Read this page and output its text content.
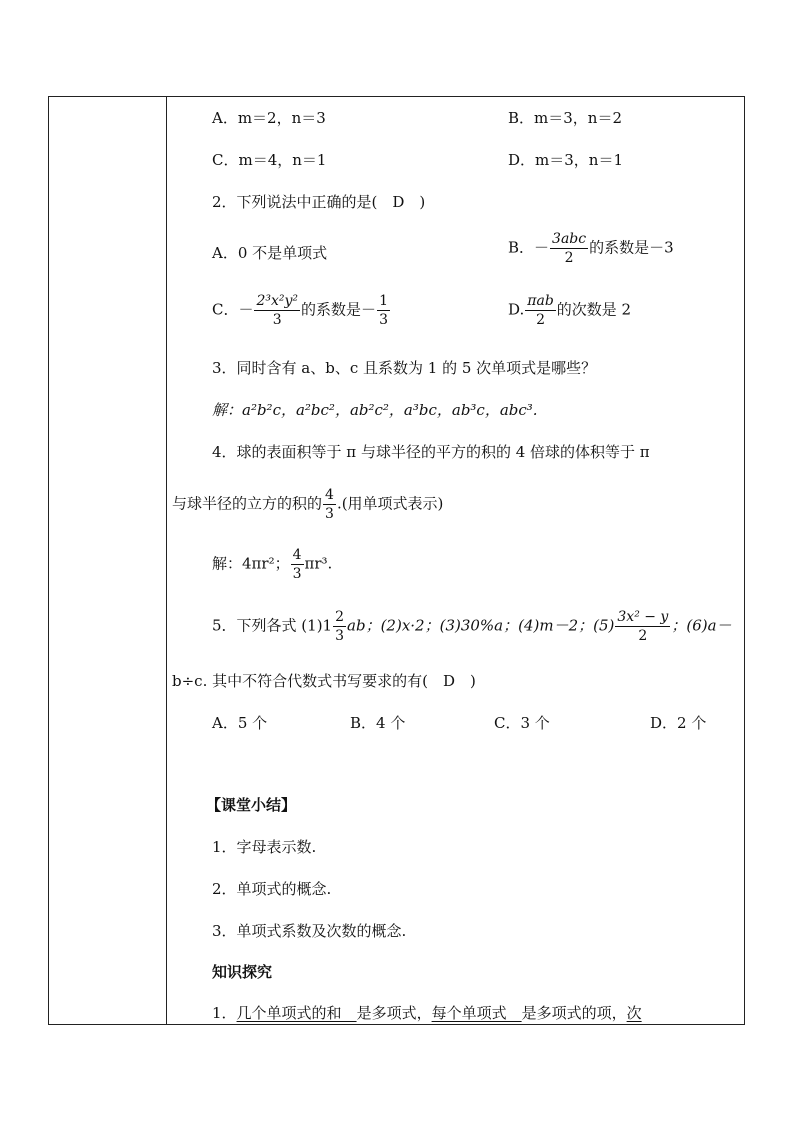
A．m＝2，n＝3	B．m＝3，n＝2
C．m＝4，n＝1	D．m＝3，n＝1
2．下列说法中正确的是(　D　)
A．0 不是单项式	B．－ $\frac{\text{3abc}}{2}$ 的系数是－3
C．－ $\frac{\text{2³x²y²}}{3}$ 的系数是－ $\frac{1}{3}$	D. $\frac{\text{πab}}{2}$ 的次数是 2
3．同时含有 a、b、c 且系数为 1 的 5 次单项式是哪些？
解：a²b²c，a²bc²，ab²c²，a³bc，ab³c，abc³.
4．球的表面积等于 π 与球半径的平方的积的 4 倍球的体积等于 π
与球半径的立方的积的 $\frac{4}{3}$ .(用单项式表示)
解：4πr²； $\frac{4}{3} \pi r^3$.
5．下列各式 $(1)1 \frac{2}{3}$ ab；(2)x·2；(3)30%a；(4)m－2；$(5) \frac{\text{3x² − y}}{2}$ ；(6)a－
b÷c. 其中不符合代数式书写要求的有(　D　)
A．5 个	B．4 个	C．3 个	D．2 个
【课堂小结】
1．字母表示数.
2．单项式的概念.
3．单项式系数及次数的概念.
知识探究
1．几个单项式的和　是多项式，每个单项式　是多项式的项，次
